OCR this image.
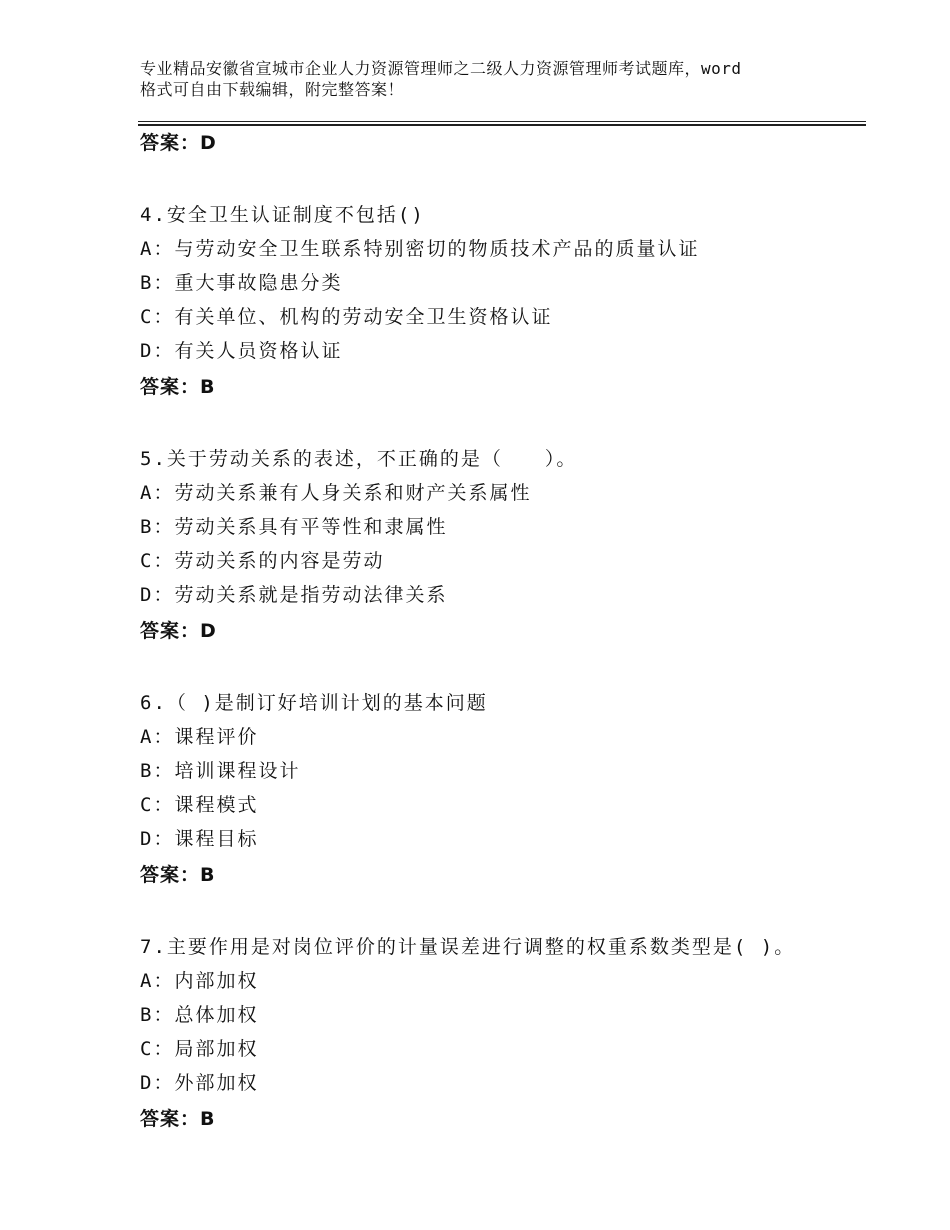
专业精品安徽省宣城市企业人力资源管理师之二级人力资源管理师考试题库，word
格式可自由下载编辑，附完整答案！
答案：D
4.安全卫生认证制度不包括()
A：与劳动安全卫生联系特别密切的物质技术产品的质量认证
B：重大事故隐患分类
C：有关单位、机构的劳动安全卫生资格认证
D：有关人员资格认证
答案：B
5.关于劳动关系的表述，不正确的是（　　）。
A：劳动关系兼有人身关系和财产关系属性
B：劳动关系具有平等性和隶属性
C：劳动关系的内容是劳动
D：劳动关系就是指劳动法律关系
答案：D
6.（ )是制订好培训计划的基本问题
A：课程评价
B：培训课程设计
C：课程模式
D：课程目标
答案：B
7.主要作用是对岗位评价的计量误差进行调整的权重系数类型是( )。
A：内部加权
B：总体加权
C：局部加权
D：外部加权
答案：B
